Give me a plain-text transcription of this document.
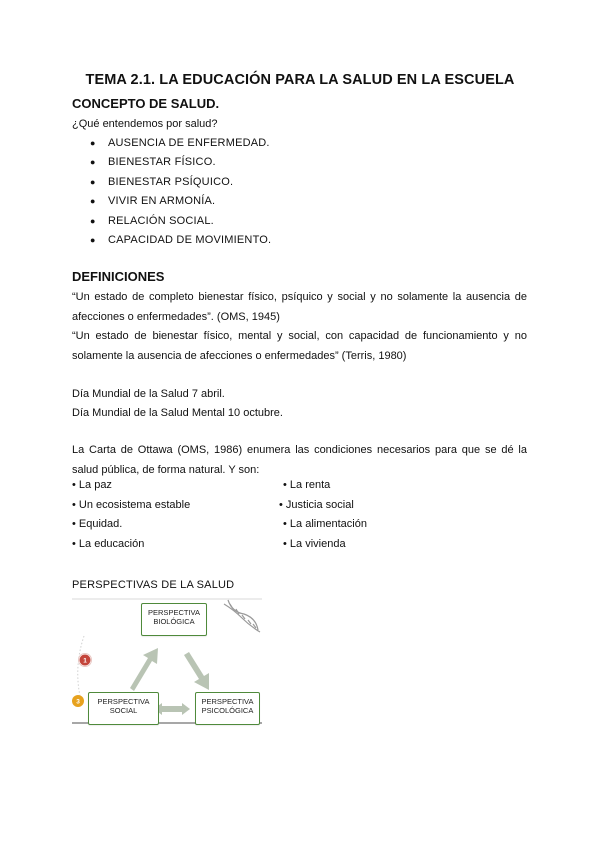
TEMA 2.1. LA EDUCACIÓN PARA LA SALUD EN LA ESCUELA
CONCEPTO DE SALUD.
¿Qué entendemos por salud?
● AUSENCIA DE ENFERMEDAD.
● BIENESTAR FÍSICO.
● BIENESTAR PSÍQUICO.
● VIVIR EN ARMONÍA.
● RELACIÓN SOCIAL.
● CAPACIDAD DE MOVIMIENTO.
DEFINICIONES
“Un estado de completo bienestar físico, psíquico y social y no solamente la ausencia de afecciones o enfermedades”. (OMS, 1945)
“Un estado de bienestar físico, mental y social, con capacidad de funcionamiento y no solamente la ausencia de afecciones o enfermedades” (Terris, 1980)
Día Mundial de la Salud 7 abril.
Día Mundial de la Salud Mental 10 octubre.
La Carta de Ottawa (OMS, 1986) enumera las condiciones necesarios para que se dé la salud pública, de forma natural. Y son:
• La paz	• La renta
• Un ecosistema estable	• Justicia social
• Equidad.	• La alimentación
• La educación	• La vivienda
PERSPECTIVAS DE LA SALUD
1
3
PERSPECTIVA
BIOLÓGICA
PERSPECTIVA
SOCIAL
PERSPECTIVA
PSICOLÓGICA
